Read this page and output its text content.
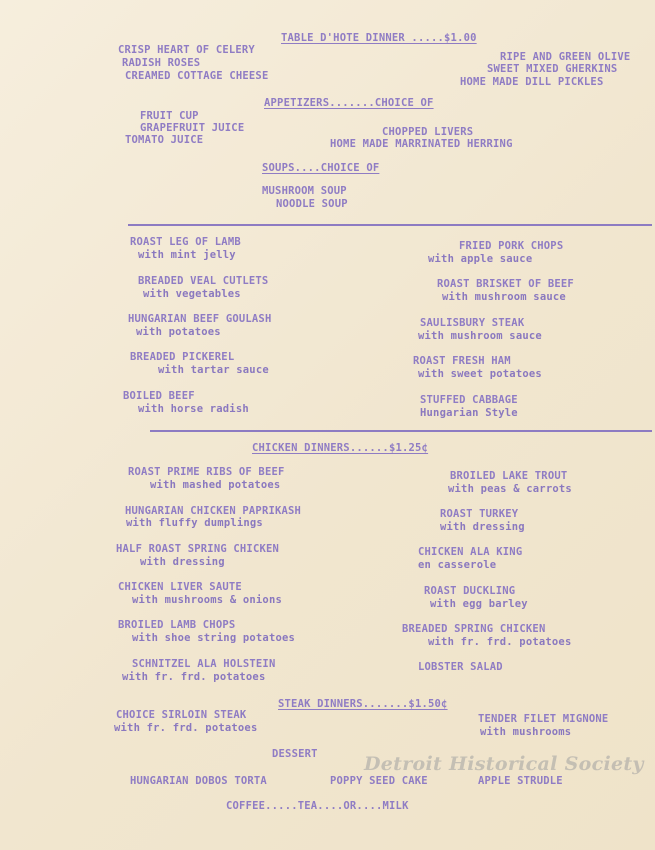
TABLE D'HOTE DINNER .....$1.00
CRISP HEART OF CELERY
RADISH ROSES
CREAMED COTTAGE CHEESE
RIPE AND GREEN OLIVE
SWEET MIXED GHERKINS
HOME MADE DILL PICKLES
APPETIZERS.......CHOICE OF
FRUIT CUP
GRAPEFRUIT JUICE
TOMATO JUICE
CHOPPED LIVERS
HOME MADE MARRINATED HERRING
SOUPS....CHOICE OF
MUSHROOM SOUP
NOODLE SOUP
ROAST LEG OF LAMB
with mint jelly
FRIED PORK CHOPS
with apple sauce
BREADED VEAL CUTLETS
with vegetables
ROAST BRISKET OF BEEF
with mushroom sauce
HUNGARIAN BEEF GOULASH
with potatoes
SAULISBURY STEAK
with mushroom sauce
BREADED PICKEREL
with tartar sauce
ROAST FRESH HAM
with sweet potatoes
BOILED BEEF
with horse radish
STUFFED CABBAGE
Hungarian Style
CHICKEN DINNERS......$1.25¢
ROAST PRIME RIBS OF BEEF
with mashed potatoes
BROILED LAKE TROUT
with peas & carrots
HUNGARIAN CHICKEN PAPRIKASH
with fluffy dumplings
ROAST TURKEY
with dressing
HALF ROAST SPRING CHICKEN
with dressing
CHICKEN ALA KING
en casserole
CHICKEN LIVER SAUTE
with mushrooms & onions
ROAST DUCKLING
with egg barley
BROILED LAMB CHOPS
with shoe string potatoes
BREADED SPRING CHICKEN
with fr. frd. potatoes
SCHNITZEL ALA HOLSTEIN
with fr. frd. potatoes
LOBSTER SALAD
STEAK DINNERS.......$1.50¢
CHOICE SIRLOIN STEAK
with fr. frd. potatoes
TENDER FILET MIGNONE
with mushrooms
DESSERT
HUNGARIAN DOBOS TORTA	POPPY SEED CAKE	APPLE STRUDLE
COFFEE.....TEA....OR....MILK
Detroit Historical Society
